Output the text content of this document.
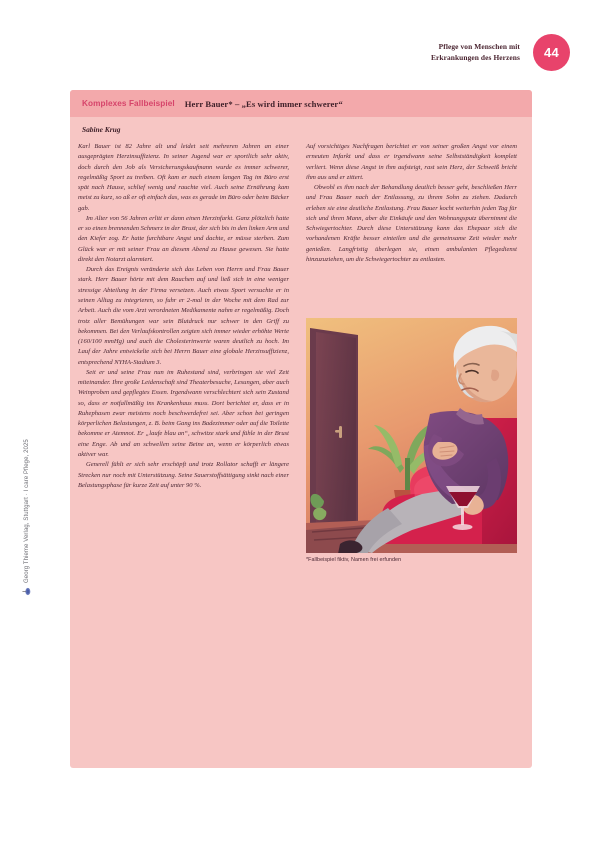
Pflege von Menschen mit
Erkrankungen des Herzens	44
Komplexes Fallbeispiel Herr Bauer* – „Es wird immer schwerer“
Sabine Krug

Karl Bauer ist 82 Jahre alt und leidet seit mehreren Jahren an einer ausgeprägten Herzinsuffizienz. In seiner Jugend war er sportlich sehr aktiv, doch durch den Job als Versicherungskaufmann wurde es immer schwerer, regelmäßig Sport zu treiben. Oft kam er nach einem langen Tag im Büro erst spät nach Hause, schlief wenig und rauchte viel. Auch seine Ernährung kam meist zu kurz, so aß er oft einfach das, was es gerade im Büro oder beim Bäcker gab.

Im Alter von 56 Jahren erlitt er dann einen Herzinfarkt. Ganz plötzlich hatte er so einen brennenden Schmerz in der Brust, der sich bis in den linken Arm und den Kiefer zog. Er hatte furchtbare Angst und dachte, er müsse sterben. Zum Glück war er mit seiner Frau an diesem Abend zu Hause gewesen. Sie hatte direkt den Notarzt alarmiert.

Durch das Ereignis veränderte sich das Leben von Herrn und Frau Bauer stark. Herr Bauer hörte mit dem Rauchen auf und ließ sich in eine weniger stressige Abteilung in der Firma versetzen. Auch etwas Sport versuchte er in seinen Alltag zu integrieren, so fuhr er 2-mal in der Woche mit dem Rad zur Arbeit. Auch die vom Arzt verordneten Medikamente nahm er regelmäßig. Doch trotz aller Bemühungen war sein Blutdruck nur schwer in den Griff zu bekommen. Bei den Verlaufskontrollen zeigten sich immer wieder erhöhte Werte (160/100 mmHg) und auch die Cholesterinwerte waren deutlich zu hoch. Im Lauf der Jahre entwickelte sich bei Herrn Bauer eine globale Herzinsuffizienz, entsprechend NYHA-Stadium 3.

Seit er und seine Frau nun im Ruhestand sind, verbringen sie viel Zeit miteinander. Ihre große Leidenschaft sind Theaterbesuche, Lesungen, aber auch Weinproben und gepflegtes Essen. Irgendwann verschlechtert sich sein Zustand so, dass er notfallmäßig ins Krankenhaus muss. Dort berichtet er, dass er in Ruhephasen zwar meistens noch beschwerdefrei sei. Aber schon bei geringen körperlichen Belastungen, z. B. beim Gang ins Badezimmer oder auf die Toilette bekomme er Atemnot. Er „laufe blau an“, schwitze stark und fühle in der Brust eine Enge. Ab und an schwellen seine Beine an, wenn er körperlich etwas aktiver war.

Generell fühlt er sich sehr erschöpft und trotz Rollator schafft er längere Strecken nur noch mit Unterstützung. Seine Sauerstoffsättigung sinkt nach einer Belastungsphase für kurze Zeit auf unter 90 %.

Auf vorsichtiges Nachfragen berichtet er von seiner großen Angst vor einem erneuten Infarkt und dass er irgendwann seine Selbstständigkeit komplett verliert. Wenn diese Angst in ihm aufsteigt, rast sein Herz, der Schweiß bricht ihm aus und er zittert.

Obwohl es ihm nach der Behandlung deutlich besser geht, beschließen Herr und Frau Bauer nach der Entlassung, zu ihrem Sohn zu ziehen. Dadurch erleben sie eine deutliche Entlastung. Frau Bauer kocht weiterhin jeden Tag für sich und ihren Mann, aber die Einkäufe und den Wohnungsputz übernimmt die Schwiegertochter. Durch diese Unterstützung kann das Ehepaar sich die vorhandenen Kräfte besser einteilen und die gemeinsame Zeit wieder mehr genießen. Langfristig überlegen sie, einen ambulanten Pflegedienst hinzuzuziehen, um die Schwiegertochter zu entlasten.

*Fallbeispiel fiktiv, Namen frei erfunden
Georg Thieme Verlag, Stuttgart · I care Pflege, 2025
